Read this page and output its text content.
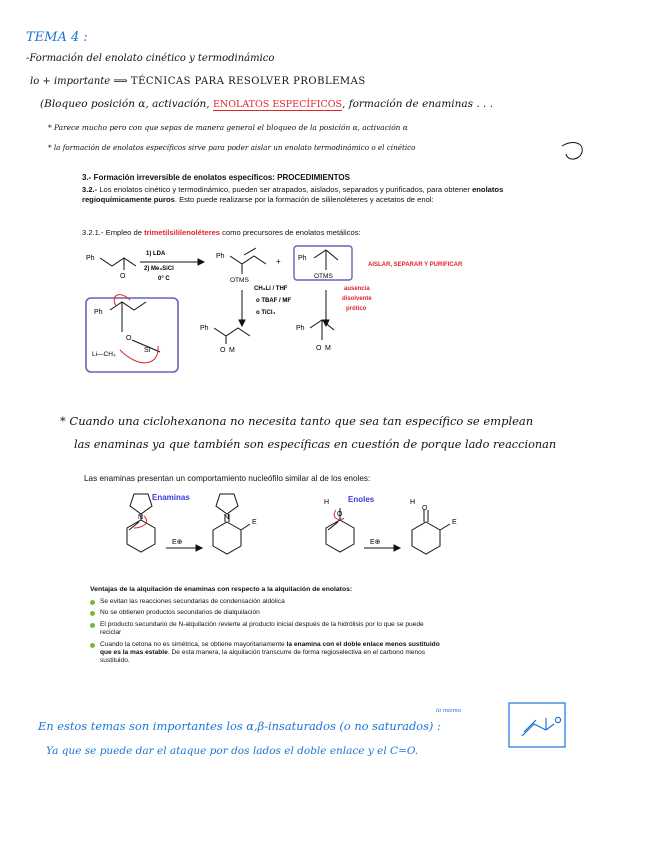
TEMA 4 :
-Formación del enolato cinético y termodinámico
lo + importante ⟹ TÉCNICAS PARA RESOLVER PROBLEMAS
(Bloqueo posición α, activación, ENOLATOS ESPECÍFICOS, formación de enaminas . . .
* Parece mucho pero con que sepas de manera general el bloqueo de la posición α, activación α
* la formación de enolatos específicos sirve para poder aislar un enolato termodinámico o el cinético
3.- Formación irreversible de enolatos específicos: PROCEDIMIENTOS
3.2.- Los enolatos cinético y termodinámico, pueden ser atrapados, aislados, separados y purificados, para obtener enolatos regioquímicamente puros. Esto puede realizarse por la formación de sililenoléteres y acetatos de enol:
3.2.1.- Empleo de trimetilsililenoléteres como precursores de enolatos metálicos:
Ph
O
1) LDA
2) Me₃SiCl
0° C
Ph
OTMS
+ Ph
OTMS
AISLAR, SEPARAR Y PURIFICAR
CH₃Li / THF
o TBAF / MF
o TiCl₄
ausencia
disolvente
prótico
Ph
O M
Ph
O M
Ph
O
Si
Li—CH₃
* Cuando una ciclohexanona no necesita tanto que sea tan específico se emplean
las enaminas ya que también son específicas en cuestión de porque lado reaccionan
Las enaminas presentan un comportamiento nucleófilo similar al de los enoles:
Enaminas
N	N
E
E⊕
Enoles
H
O
E⊕
H
O
E
Ventajas de la alquilación de enaminas con respecto a la alquilación de enolatos:
Se evitan las reacciones secundarias de condensación aldólica
No se obtienen productos secundarios de dialquilación
El producto secundario de N-alquilación revierte al producto inicial después de la hidrólisis por lo que se puede reciclar
Cuando la cetona no es simétrica, se obtiene mayoritariamente la enamina con el doble enlace menos sustituido que es la mas estable. De esta manera, la alquilación transcurre de forma regioselectiva en el carbono menos sustituido.
lo mismo
En estos temas son importantes los α,β-insaturados (o no saturados) :
Ya que se puede dar el ataque por dos lados el doble enlace y el C=O.
